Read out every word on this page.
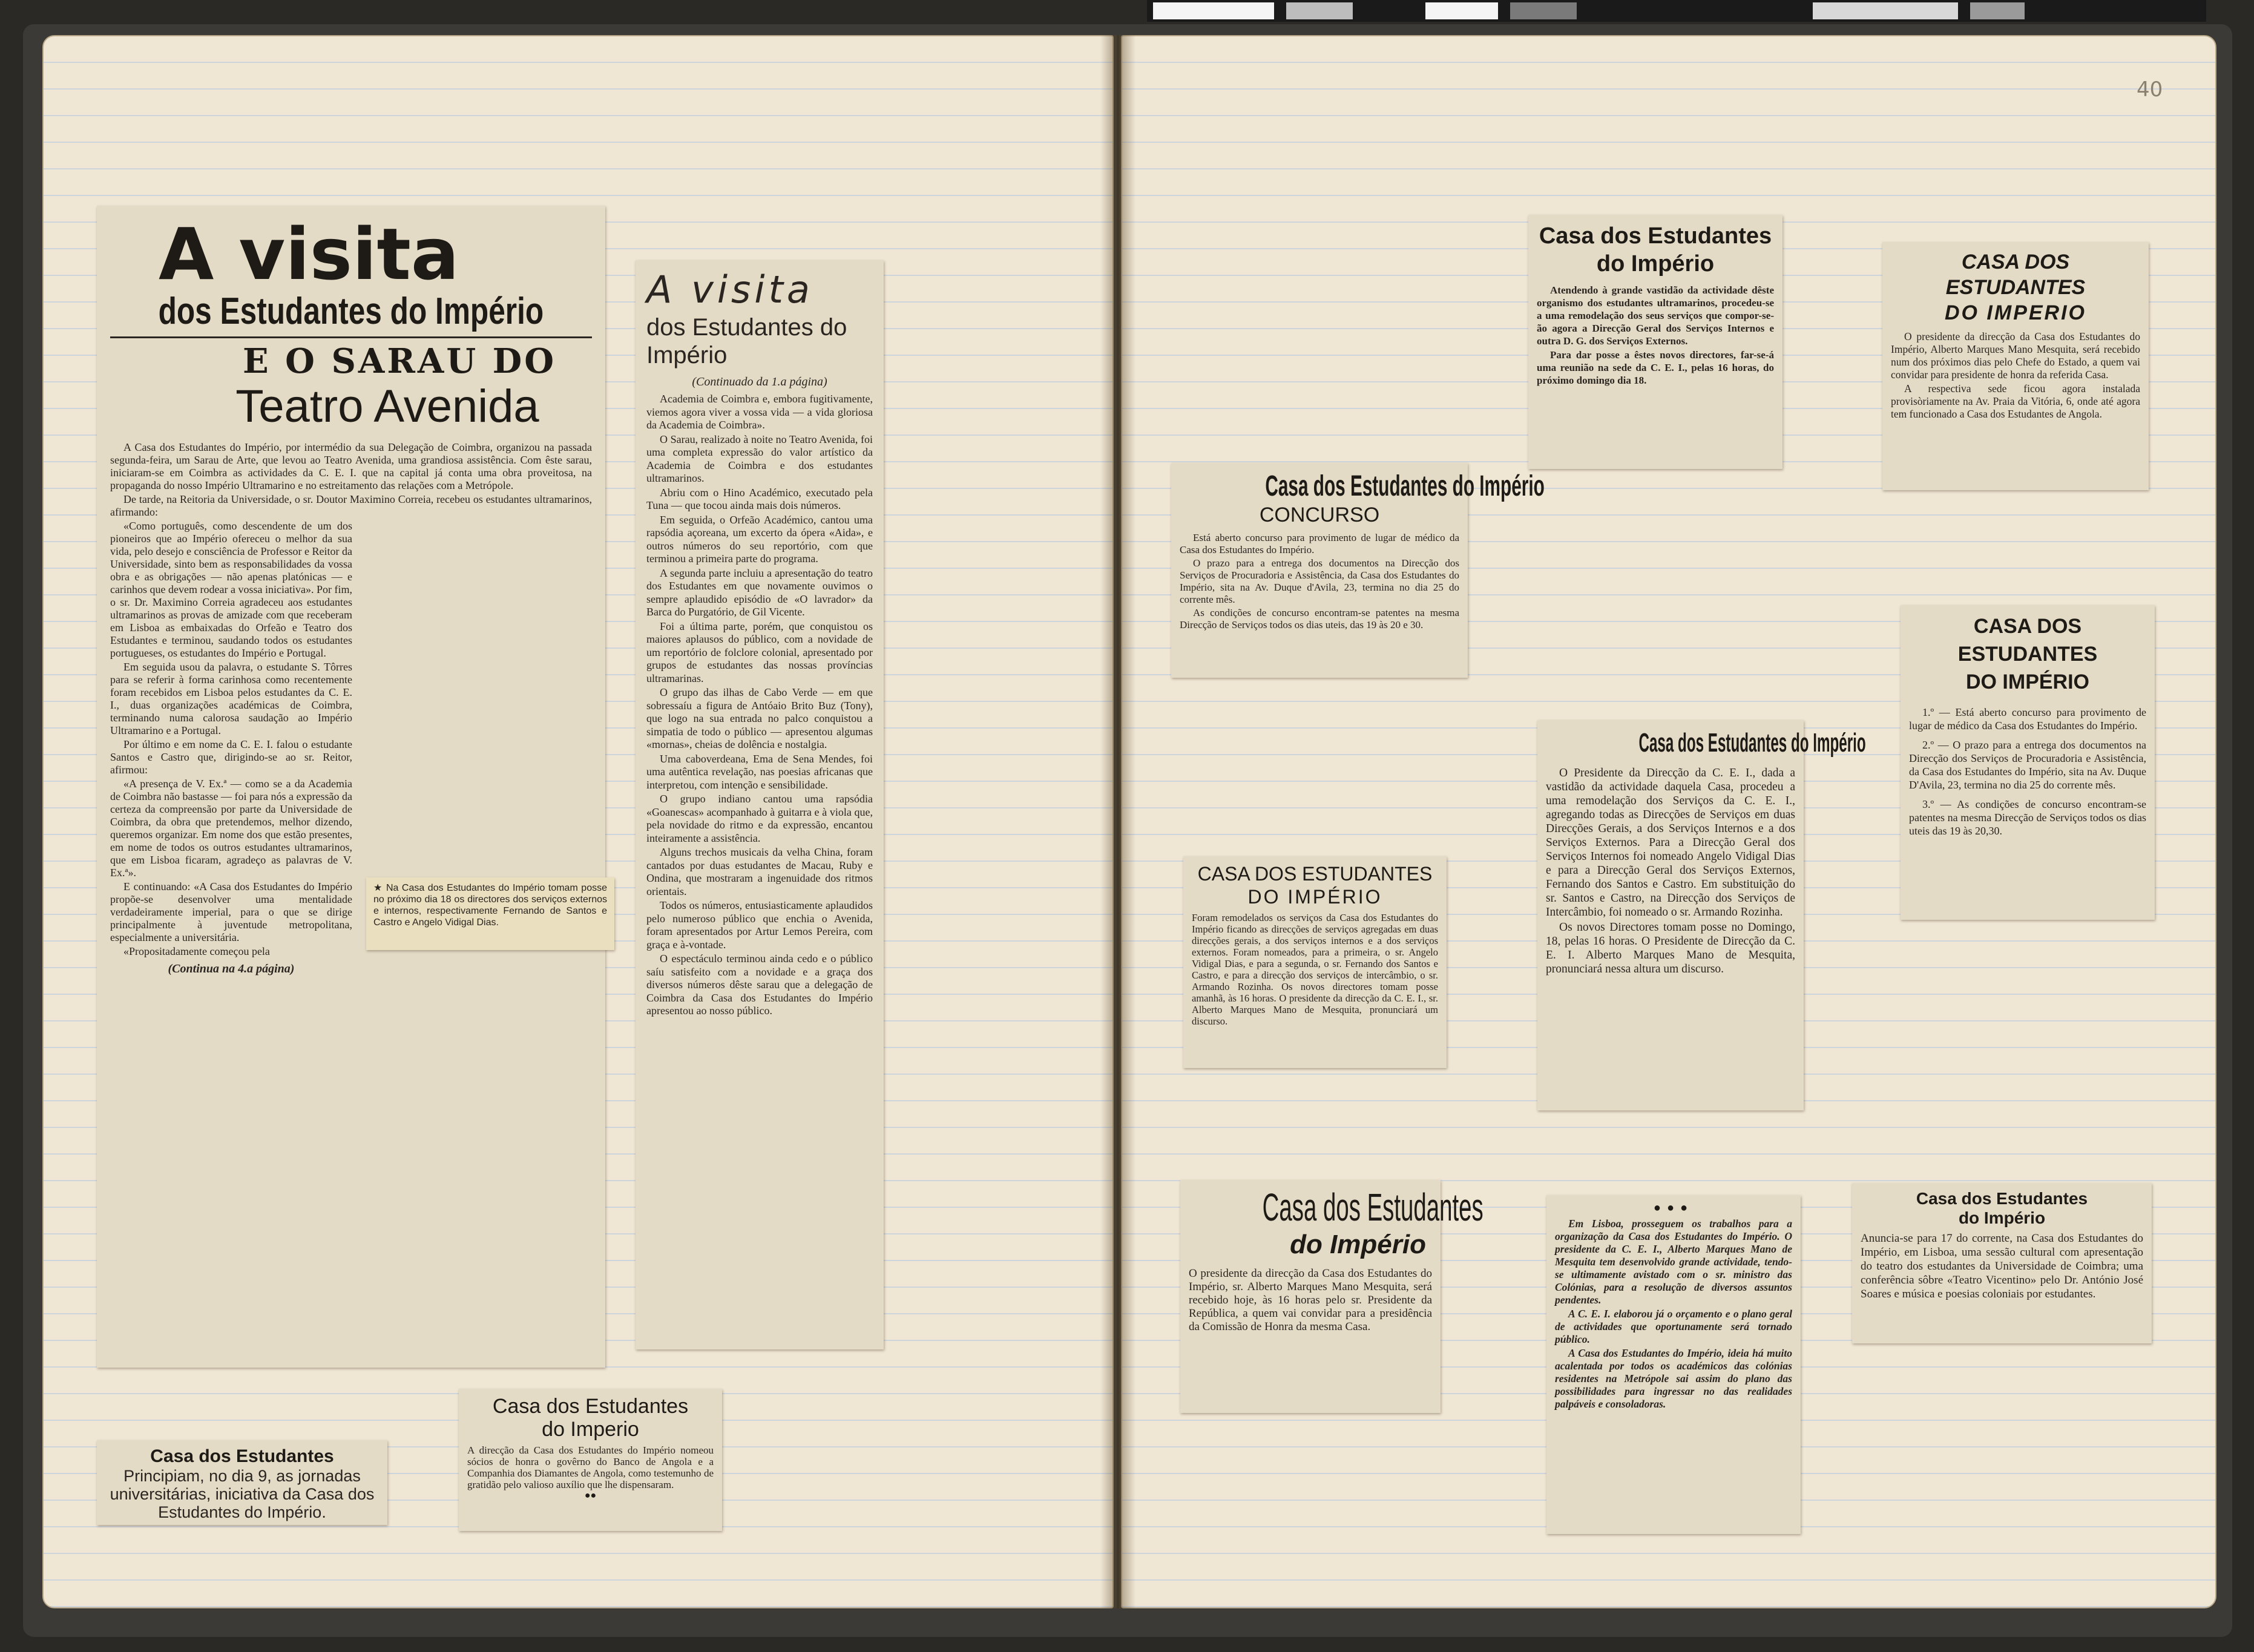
40
A visita
dos Estudantes do Império
E O SARAU DO
Teatro Avenida

A Casa dos Estudantes do Império, por intermédio da sua Delegação de Coimbra, organizou na passada segunda-feira, um Sarau de Arte, que levou ao Teatro Avenida, uma grandiosa assistência. Com êste sarau, iniciaram-se em Coimbra as actividades da C. E. I. que na capital já conta uma obra proveitosa, na propaganda do nosso Império Ultramarino e no estreitamento das relações com a Metrópole.

De tarde, na Reitoria da Universidade, o sr. Doutor Maximino Correia, recebeu os estudantes ultramarinos, afirmando:

«Como português, como descendente de um dos pioneiros que ao Império ofereceu o melhor da sua vida, pelo desejo e consciência de Professor e Reitor da Universidade, sinto bem as responsabilidades da vossa obra e as obrigações — não apenas platónicas — e carinhos que devem rodear a vossa iniciativa». Por fim, o sr. Dr. Maximino Correia agradeceu aos estudantes ultramarinos as provas de amizade com que receberam em Lisboa as embaixadas do Orfeão e Teatro dos Estudantes e terminou, saudando todos os estudantes portugueses, os estudantes do Império e Portugal.

Em seguida usou da palavra, o estudante S. Tôrres para se referir à forma carinhosa como recentemente foram recebidos em Lisboa pelos estudantes da C. E. I., duas organizações académicas de Coimbra, terminando numa calorosa saudação ao Império Ultramarino e a Portugal.

Por último e em nome da C. E. I. falou o estudante Santos e Castro que, dirigindo-se ao sr. Reitor, afirmou:

«A presença de V. Ex.ª — como se a da Academia de Coimbra não bastasse — foi para nós a expressão da certeza da compreensão por parte da Universidade de Coimbra, da obra que pretendemos, melhor dizendo, queremos organizar. Em nome dos que estão presentes, em nome de todos os outros estudantes ultramarinos, que em Lisboa ficaram, agradeço as palavras de V. Ex.ª».

E continuando: «A Casa dos Estudantes do Império propõe-se desenvolver uma mentalidade verdadeiramente imperial, para o que se dirige principalmente à juventude metropolitana, especialmente a universitária.

«Propositadamente começou pela

(Continua na 4.a página)
★ Na Casa dos Estudantes do Império tomam posse no próximo dia 18 os directores dos serviços externos e internos, respectivamente Fernando de Santos e Castro e Angelo Vidigal Dias.
A visita
dos Estudantes do Império
(Continuado da 1.a página)

Academia de Coimbra e, embora fugitivamente, viemos agora viver a vossa vida — a vida gloriosa da Academia de Coimbra».

O Sarau, realizado à noite no Teatro Avenida, foi uma completa expressão do valor artístico da Academia de Coimbra e dos estudantes ultramarinos.

Abriu com o Hino Académico, executado pela Tuna — que tocou ainda mais dois números.

Em seguida, o Orfeão Académico, cantou uma rapsódia açoreana, um excerto da ópera «Aida», e outros números do seu reportório, com que terminou a primeira parte do programa.

A segunda parte incluiu a apresentação do teatro dos Estudantes em que novamente ouvimos o sempre aplaudido episódio de «O lavrador» da Barca do Purgatório, de Gil Vicente.

Foi a última parte, porém, que conquistou os maiores aplausos do público, com a novidade de um reportório de folclore colonial, apresentado por grupos de estudantes das nossas províncias ultramarinas.

O grupo das ilhas de Cabo Verde — em que sobressaíu a figura de Antóaio Brito Buz (Tony), que logo na sua entrada no palco conquistou a simpatia de todo o público — apresentou algumas «mornas», cheias de dolência e nostalgia.

Uma caboverdeana, Ema de Sena Mendes, foi uma autêntica revelação, nas poesias africanas que interpretou, com intenção e sensibilidade.

O grupo indiano cantou uma rapsódia «Goanescas» acompanhado à guitarra e à viola que, pela novidade do ritmo e da expressão, encantou inteiramente a assistência.

Alguns trechos musicais da velha China, foram cantados por duas estudantes de Macau, Ruby e Ondina, que mostraram a ingenuidade dos ritmos orientais.

Todos os números, entusiasticamente aplaudidos pelo numeroso público que enchia o Avenida, foram apresentados por Artur Lemos Pereira, com graça e à-vontade.

O espectáculo terminou ainda cedo e o público saíu satisfeito com a novidade e a graça dos diversos números dêste sarau que a delegação de Coimbra da Casa dos Estudantes do Império apresentou ao nosso público.

Casa dos Estudantes
Principiam, no dia 9, as jornadas universitárias, iniciativa da Casa dos Estudantes do Império.
Casa dos Estudantes
do Imperio
A direcção da Casa dos Estudantes do Império nomeou sócios de honra o govêrno do Banco de Angola e a Companhia dos Diamantes de Angola, como testemunho de gratidão pelo valioso auxílio que lhe dispensaram.
●●
Casa dos Estudantes do Império
CONCURSO

Está aberto concurso para provimento de lugar de médico da Casa dos Estudantes do Império.

O prazo para a entrega dos documentos na Direcção dos Serviços de Procuradoria e Assistência, da Casa dos Estudantes do Império, sita na Av. Duque d'Avila, 23, termina no dia 25 do corrente mês.

As condições de concurso encontram-se patentes na mesma Direcção de Serviços todos os dias uteis, das 19 às 20 e 30.

CASA DOS ESTUDANTES
DO IMPÉRIO
Foram remodelados os serviços da Casa dos Estudantes do Império ficando as direcções de serviços agregadas em duas direcções gerais, a dos serviços internos e a dos serviços externos. Foram nomeados, para a primeira, o sr. Angelo Vidigal Dias, e para a segunda, o sr. Fernando dos Santos e Castro, e para a direcção dos serviços de intercâmbio, o sr. Armando Rozinha. Os novos directores tomam posse amanhã, às 16 horas. O presidente da direcção da C. E. I., sr. Alberto Marques Mano de Mesquita, pronunciará um discurso.
Casa dos Estudantes
do Império
O presidente da direcção da Casa dos Estudantes do Império, sr. Alberto Marques Mano Mesquita, será recebido hoje, às 16 horas pelo sr. Presidente da República, a quem vai convidar para a presidência da Comissão de Honra da mesma Casa.
Casa dos Estudantes
do Império

Atendendo à grande vastidão da actividade dêste organismo dos estudantes ultramarinos, procedeu-se a uma remodelação dos seus serviços que compor-se-ão agora a Direcção Geral dos Serviços Internos e outra D. G. dos Serviços Externos.

Para dar posse a êstes novos directores, far-se-á uma reunião na sede da C. E. I., pelas 16 horas, do próximo domingo dia 18.

Casa dos Estudantes do Império

O Presidente da Direcção da C. E. I., dada a vastidão da actividade daquela Casa, procedeu a uma remodelação dos Serviços da C. E. I., agregando todas as Direcções de Serviços em duas Direcções Gerais, a dos Serviços Internos e a dos Serviços Externos. Para a Direcção Geral dos Serviços Internos foi nomeado Angelo Vidigal Dias e para a Direcção Geral dos Serviços Externos, Fernando dos Santos e Castro. Em substituição do sr. Santos e Castro, na Direcção dos Serviços de Intercâmbio, foi nomeado o sr. Armando Rozinha.

Os novos Directores tomam posse no Domingo, 18, pelas 16 horas. O Presidente de Direcção da C. E. I. Alberto Marques Mano de Mesquita, pronunciará nessa altura um discurso.

●●●

Em Lisboa, prosseguem os trabalhos para a organização da Casa dos Estudantes do Império. O presidente da C. E. I., Alberto Marques Mano de Mesquita tem desenvolvido grande actividade, tendo-se ultimamente avistado com o sr. ministro das Colónias, para a resolução de diversos assuntos pendentes.

A C. E. I. elaborou já o orçamento e o plano geral de actividades que oportunamente será tornado público.

A Casa dos Estudantes do Império, ideia há muito acalentada por todos os académicos das colónias residentes na Metrópole sai assim do plano das possibilidades para ingressar no das realidades palpáveis e consoladoras.

CASA DOS ESTUDANTES
DO IMPERIO

O presidente da direcção da Casa dos Estudantes do Império, Alberto Marques Mano Mesquita, será recebido num dos próximos dias pelo Chefe do Estado, a quem vai convidar para presidente de honra da referida Casa.

A respectiva sede ficou agora instalada provisòriamente na Av. Praia da Vitória, 6, onde até agora tem funcionado a Casa dos Estudantes de Angola.

CASA DOS ESTUDANTES
DO IMPÉRIO

1.º — Está aberto concurso para provimento de lugar de médico da Casa dos Estudantes do Império.

2.º — O prazo para a entrega dos documentos na Direcção dos Serviços de Procuradoria e Assistência, da Casa dos Estudantes do Império, sita na Av. Duque D'Avila, 23, termina no dia 25 do corrente mês.

3.º — As condições de concurso encontram-se patentes na mesma Direcção de Serviços todos os dias uteis das 19 às 20,30.

Casa dos Estudantes
do Império
Anuncia-se para 17 do corrente, na Casa dos Estudantes do Império, em Lisboa, uma sessão cultural com apresentação do teatro dos estudantes da Universidade de Coimbra; uma conferência sôbre «Teatro Vicentino» pelo Dr. António José Soares e música e poesias coloniais por estudantes.
